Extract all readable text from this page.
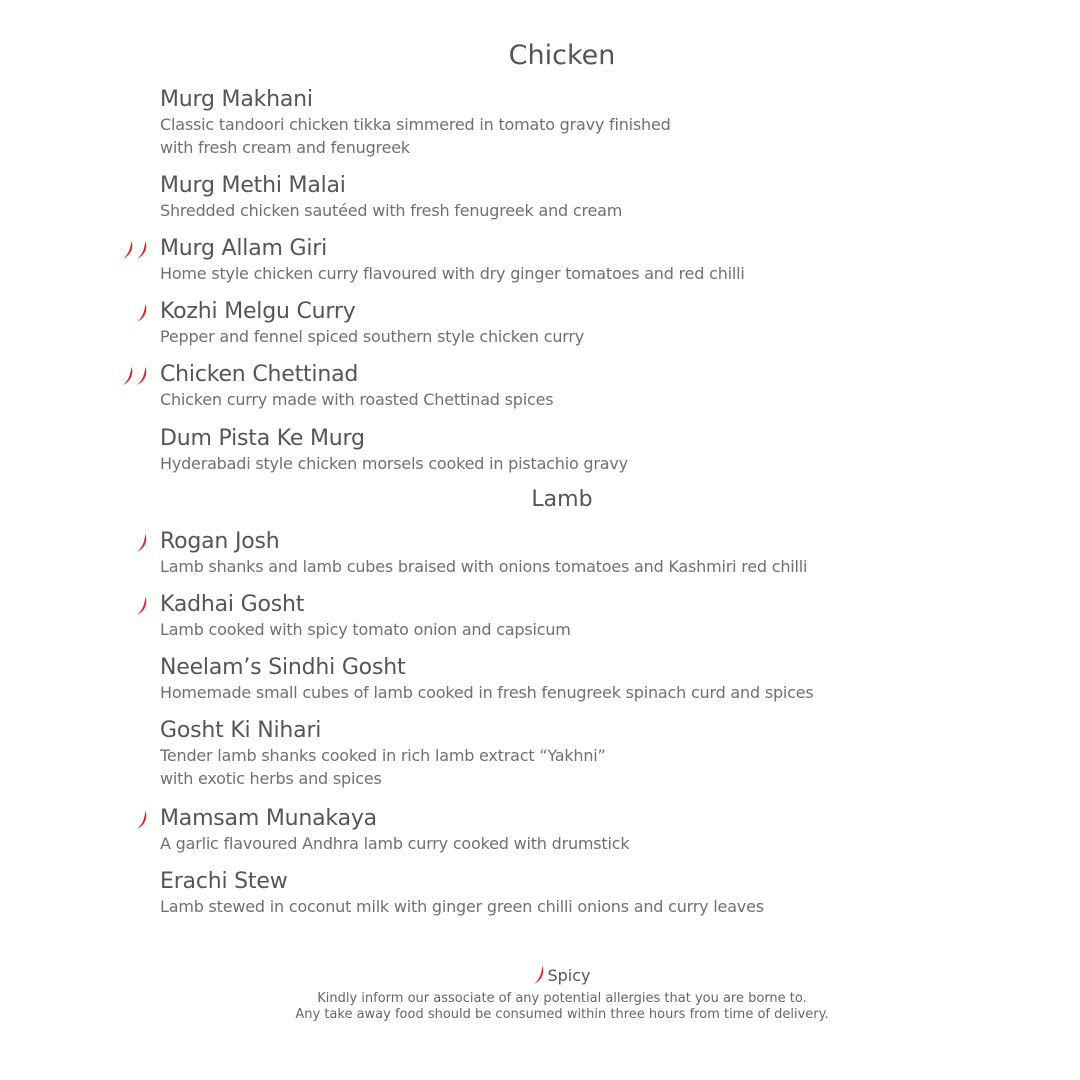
Chicken
Lamb
Murg Makhani
Classic tandoori chicken tikka simmered in tomato gravy finished
with fresh cream and fenugreek
Murg Methi Malai
Shredded chicken sautéed with fresh fenugreek and cream
Murg Allam Giri
Home style chicken curry flavoured with dry ginger tomatoes and red chilli
Kozhi Melgu Curry
Pepper and fennel spiced southern style chicken curry
Chicken Chettinad
Chicken curry made with roasted Chettinad spices
Dum Pista Ke Murg
Hyderabadi style chicken morsels cooked in pistachio gravy
Rogan Josh
Lamb shanks and lamb cubes braised with onions tomatoes and Kashmiri red chilli
Kadhai Gosht
Lamb cooked with spicy tomato onion and capsicum
Neelam’s Sindhi Gosht
Homemade small cubes of lamb cooked in fresh fenugreek spinach curd and spices
Gosht Ki Nihari
Tender lamb shanks cooked in rich lamb extract “Yakhni”
with exotic herbs and spices
Mamsam Munakaya
A garlic flavoured Andhra lamb curry cooked with drumstick
Erachi Stew
Lamb stewed in coconut milk with ginger green chilli onions and curry leaves
Spicy
Kindly inform our associate of any potential allergies that you are borne to.
Any take away food should be consumed within three hours from time of delivery.
